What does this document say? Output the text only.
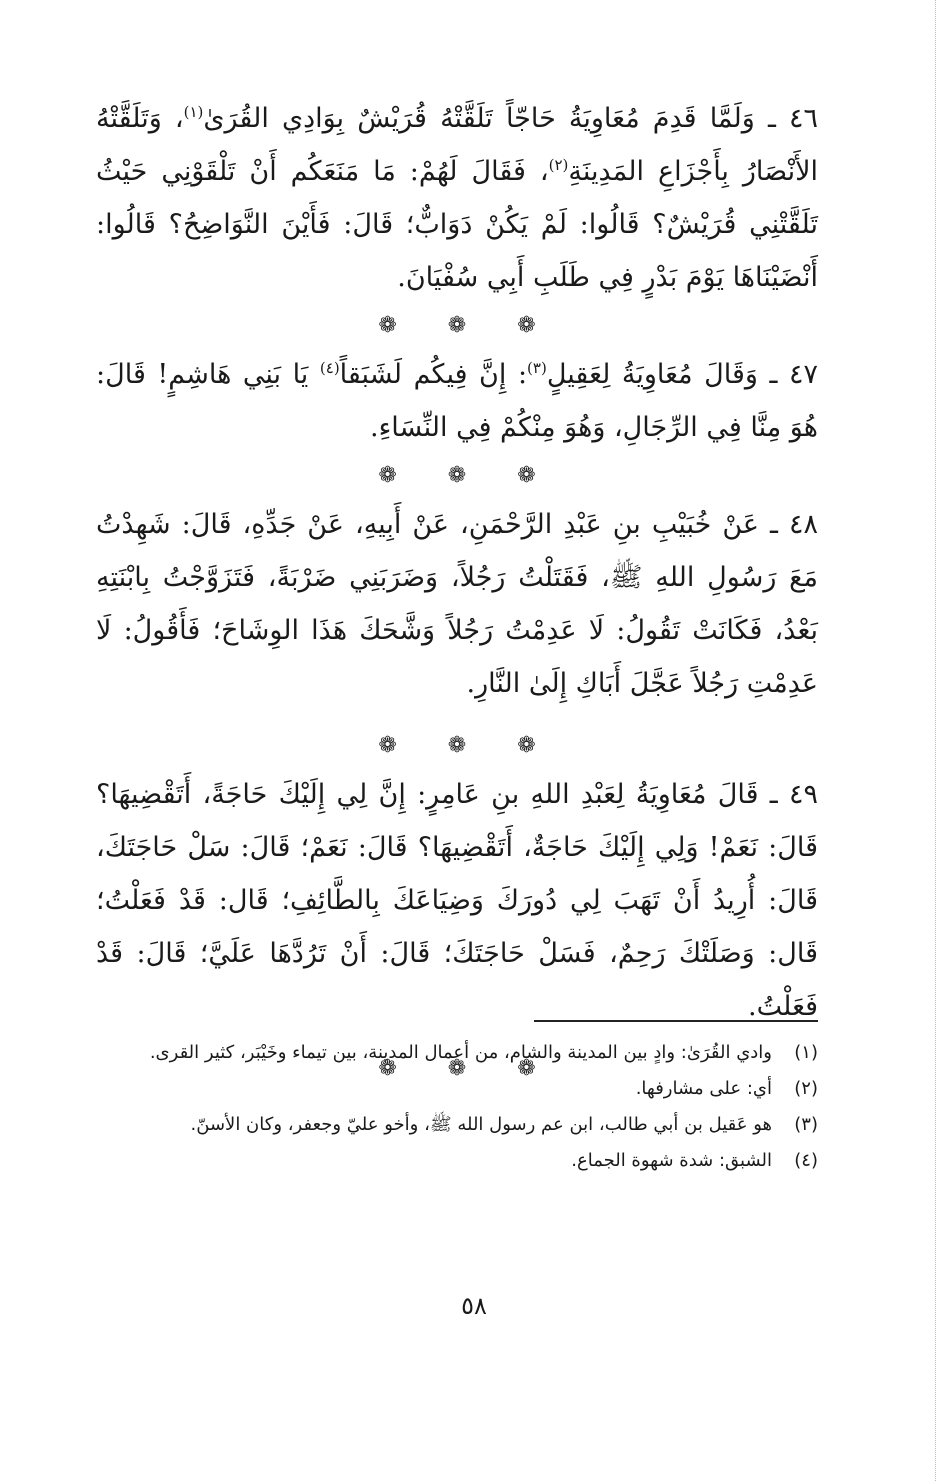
٤٦ ـ وَلَمَّا قَدِمَ مُعَاوِيَةُ حَاجّاً تَلَقَّتْهُ قُرَيْشٌ بِوَادِي القُرَىٰ$^{(١)}$، وَتَلَقَّتْهُ الأَنْصَارُ بِأَجْزَاعِ المَدِينَةِ$^{(٢)}$، فَقَالَ لَهُمْ: مَا مَنَعَكُم أَنْ تَلْقَوْنِي حَيْثُ تَلَقَّتْنِي قُرَيْشٌ؟ قَالُوا: لَمْ يَكُنْ دَوَابٌّ؛ قَالَ: فَأَيْنَ النَّوَاضِحُ؟ قَالُوا: أَنْضَيْنَاهَا يَوْمَ بَدْرٍ فِي طَلَبِ أَبِي سُفْيَانَ.

❁ ❁ ❁

٤٧ ـ وَقَالَ مُعَاوِيَةُ لِعَقِيلٍ$^{(٣)}$: إِنَّ فِيكُم لَشَبَقاً$^{(٤)}$ يَا بَنِي هَاشِمٍ! قَالَ: هُوَ مِنَّا فِي الرِّجَالِ، وَهُوَ مِنْكُمْ فِي النِّسَاءِ.

❁ ❁ ❁

٤٨ ـ عَنْ خُبَيْبِ بنِ عَبْدِ الرَّحْمَنِ، عَنْ أَبِيهِ، عَنْ جَدِّهِ، قَالَ: شَهِدْتُ مَعَ رَسُولِ اللهِ ﷺ، فَقَتَلْتُ رَجُلاً، وَضَرَبَنِي ضَرْبَةً، فَتَزَوَّجْتُ بِابْنَتِهِ بَعْدُ، فَكَانَتْ تَقُولُ: لَا عَدِمْتُ رَجُلاً وَشَّحَكَ هَذَا الوِشَاحَ؛ فَأَقُولُ: لَا عَدِمْتِ رَجُلاً عَجَّلَ أَبَاكِ إِلَىٰ النَّارِ.

❁ ❁ ❁

٤٩ ـ قَالَ مُعَاوِيَةُ لِعَبْدِ اللهِ بنِ عَامِرٍ: إِنَّ لِي إِلَيْكَ حَاجَةً، أَتَقْضِيهَا؟ قَالَ: نَعَمْ! وَلِي إِلَيْكَ حَاجَةٌ، أَتَقْضِيهَا؟ قَالَ: نَعَمْ؛ قَالَ: سَلْ حَاجَتَكَ، قَالَ: أُرِيدُ أَنْ تَهَبَ لِي دُورَكَ وَضِيَاعَكَ بِالطَّائِفِ؛ قَال: قَدْ فَعَلْتُ؛ قَال: وَصَلَتْكَ رَحِمٌ، فَسَلْ حَاجَتَكَ؛ قَالَ: أَنْ تَرُدَّهَا عَلَيَّ؛ قَالَ: قَدْ فَعَلْتُ.

❁ ❁ ❁

(١)
وادي القُرَىٰ: وادٍ بين المدينة والشام، من أعمال المدينة، بين تيماء وخَيْبَر، كثير القرى.
(٢)
أي: على مشارفها.
(٣)
هو عَقيل بن أبي طالب، ابن عم رسول الله ﷺ، وأخو عليّ وجعفر، وكان الأسنّ.
(٤)
الشبق: شدة شهوة الجماع.
٥٨
